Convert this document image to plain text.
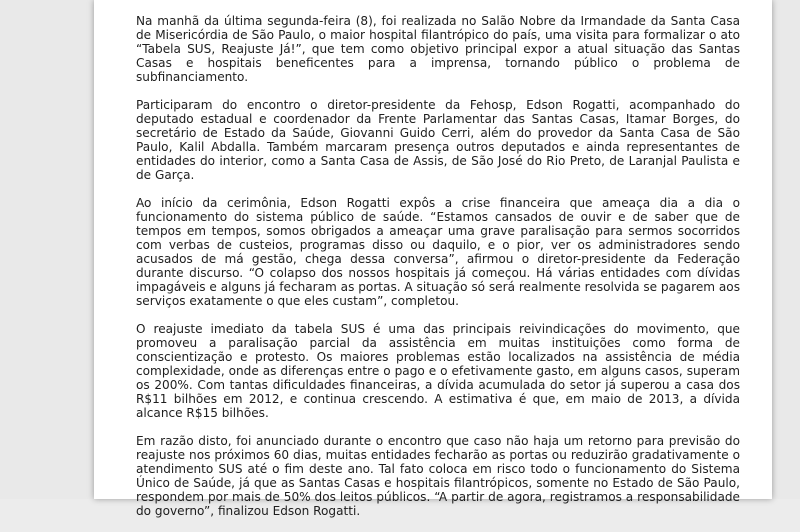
Na manhã da última segunda-feira (8), foi realizada no Salão Nobre da Irmandade da Santa Casa de Misericórdia de São Paulo, o maior hospital filantrópico do país, uma visita para formalizar o ato “Tabela SUS, Reajuste Já!”, que tem como objetivo principal expor a atual situação das Santas Casas e hospitais beneficentes para a imprensa, tornando público o problema de subfinanciamento.

Participaram do encontro o diretor-presidente da Fehosp, Edson Rogatti, acompanhado do deputado estadual e coordenador da Frente Parlamentar das Santas Casas, Itamar Borges, do secretário de Estado da Saúde, Giovanni Guido Cerri, além do provedor da Santa Casa de São Paulo, Kalil Abdalla. Também marcaram presença outros deputados e ainda representantes de entidades do interior, como a Santa Casa de Assis, de São José do Rio Preto, de Laranjal Paulista e de Garça.

Ao início da cerimônia, Edson Rogatti expôs a crise financeira que ameaça dia a dia o funcionamento do sistema público de saúde. “Estamos cansados de ouvir e de saber que de tempos em tempos, somos obrigados a ameaçar uma grave paralisação para sermos socorridos com verbas de custeios, programas disso ou daquilo, e o pior, ver os administradores sendo acusados de má gestão, chega dessa conversa”, afirmou o diretor-presidente da Federação durante discurso. “O colapso dos nossos hospitais já começou. Há várias entidades com dívidas impagáveis e alguns já fecharam as portas. A situação só será realmente resolvida se pagarem aos serviços exatamente o que eles custam”, completou.

O reajuste imediato da tabela SUS é uma das principais reivindicações do movimento, que promoveu a paralisação parcial da assistência em muitas instituições como forma de conscientização e protesto. Os maiores problemas estão localizados na assistência de média complexidade, onde as diferenças entre o pago e o efetivamente gasto, em alguns casos, superam os 200%. Com tantas dificuldades financeiras, a dívida acumulada do setor já superou a casa dos R$11 bilhões em 2012, e continua crescendo. A estimativa é que, em maio de 2013, a dívida alcance R$15 bilhões.

Em razão disto, foi anunciado durante o encontro que caso não haja um retorno para previsão do reajuste nos próximos 60 dias, muitas entidades fecharão as portas ou reduzirão gradativamente o atendimento SUS até o fim deste ano. Tal fato coloca em risco todo o funcionamento do Sistema Único de Saúde, já que as Santas Casas e hospitais filantrópicos, somente no Estado de São Paulo, respondem por mais de 50% dos leitos públicos. “A partir de agora, registramos a responsabilidade do governo”, finalizou Edson Rogatti.
